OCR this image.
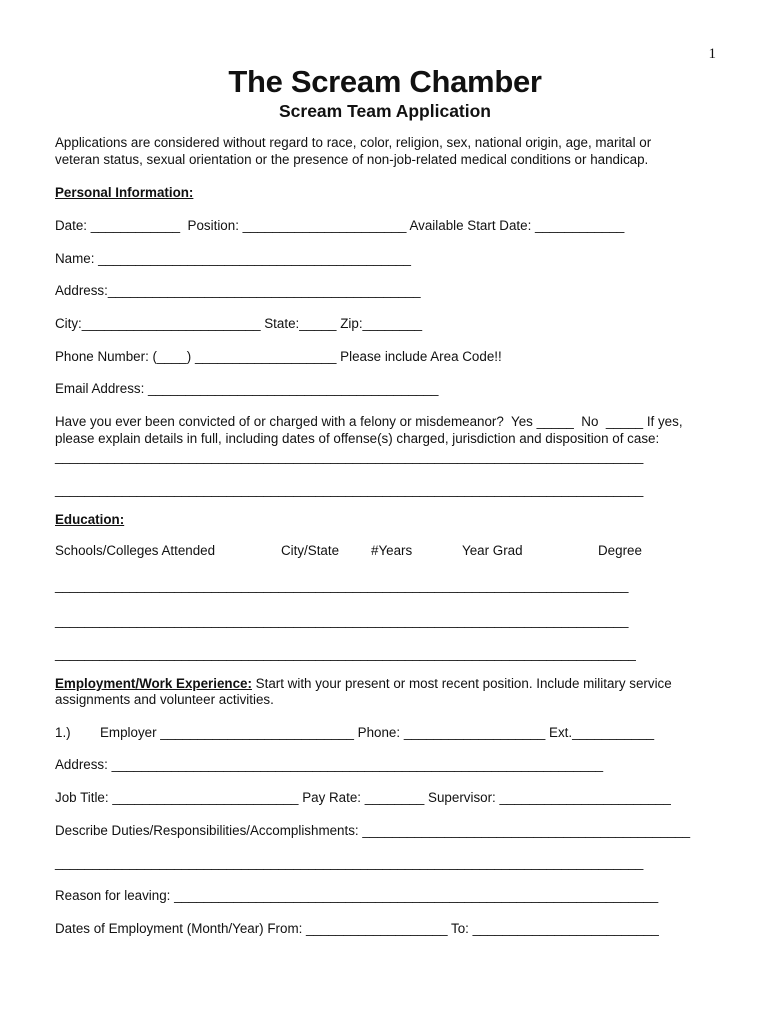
1
The Scream Chamber
Scream Team Application
Applications are considered without regard to race, color, religion, sex, national origin, age, marital or
veteran status, sexual orientation or the presence of non-job-related medical conditions or handicap.
Personal Information:
Date: ____________  Position: ______________________ Available Start Date: ____________
Name: __________________________________________
Address:__________________________________________
City:________________________ State:_____ Zip:________
Phone Number: (____) ___________________ Please include Area Code!!
Email Address: _______________________________________
Have you ever been convicted of or charged with a felony or misdemeanor?  Yes _____  No  _____ If yes,
please explain details in full, including dates of offense(s) charged, jurisdiction and disposition of case:
_______________________________________________________________________________
_______________________________________________________________________________
Education:
Schools/Colleges Attended	City/State #Years	Year Grad	Degree
_____________________________________________________________________________
_____________________________________________________________________________
______________________________________________________________________________
Employment/Work Experience: Start with your present or most recent position. Include military service
assignments and volunteer activities.
1.) Employer __________________________ Phone: ___________________ Ext.___________
Address: __________________________________________________________________
Job Title: _________________________ Pay Rate: ________ Supervisor: _______________________
Describe Duties/Responsibilities/Accomplishments: ____________________________________________
_______________________________________________________________________________
Reason for leaving: _________________________________________________________________
Dates of Employment (Month/Year) From: ___________________ To: _________________________
